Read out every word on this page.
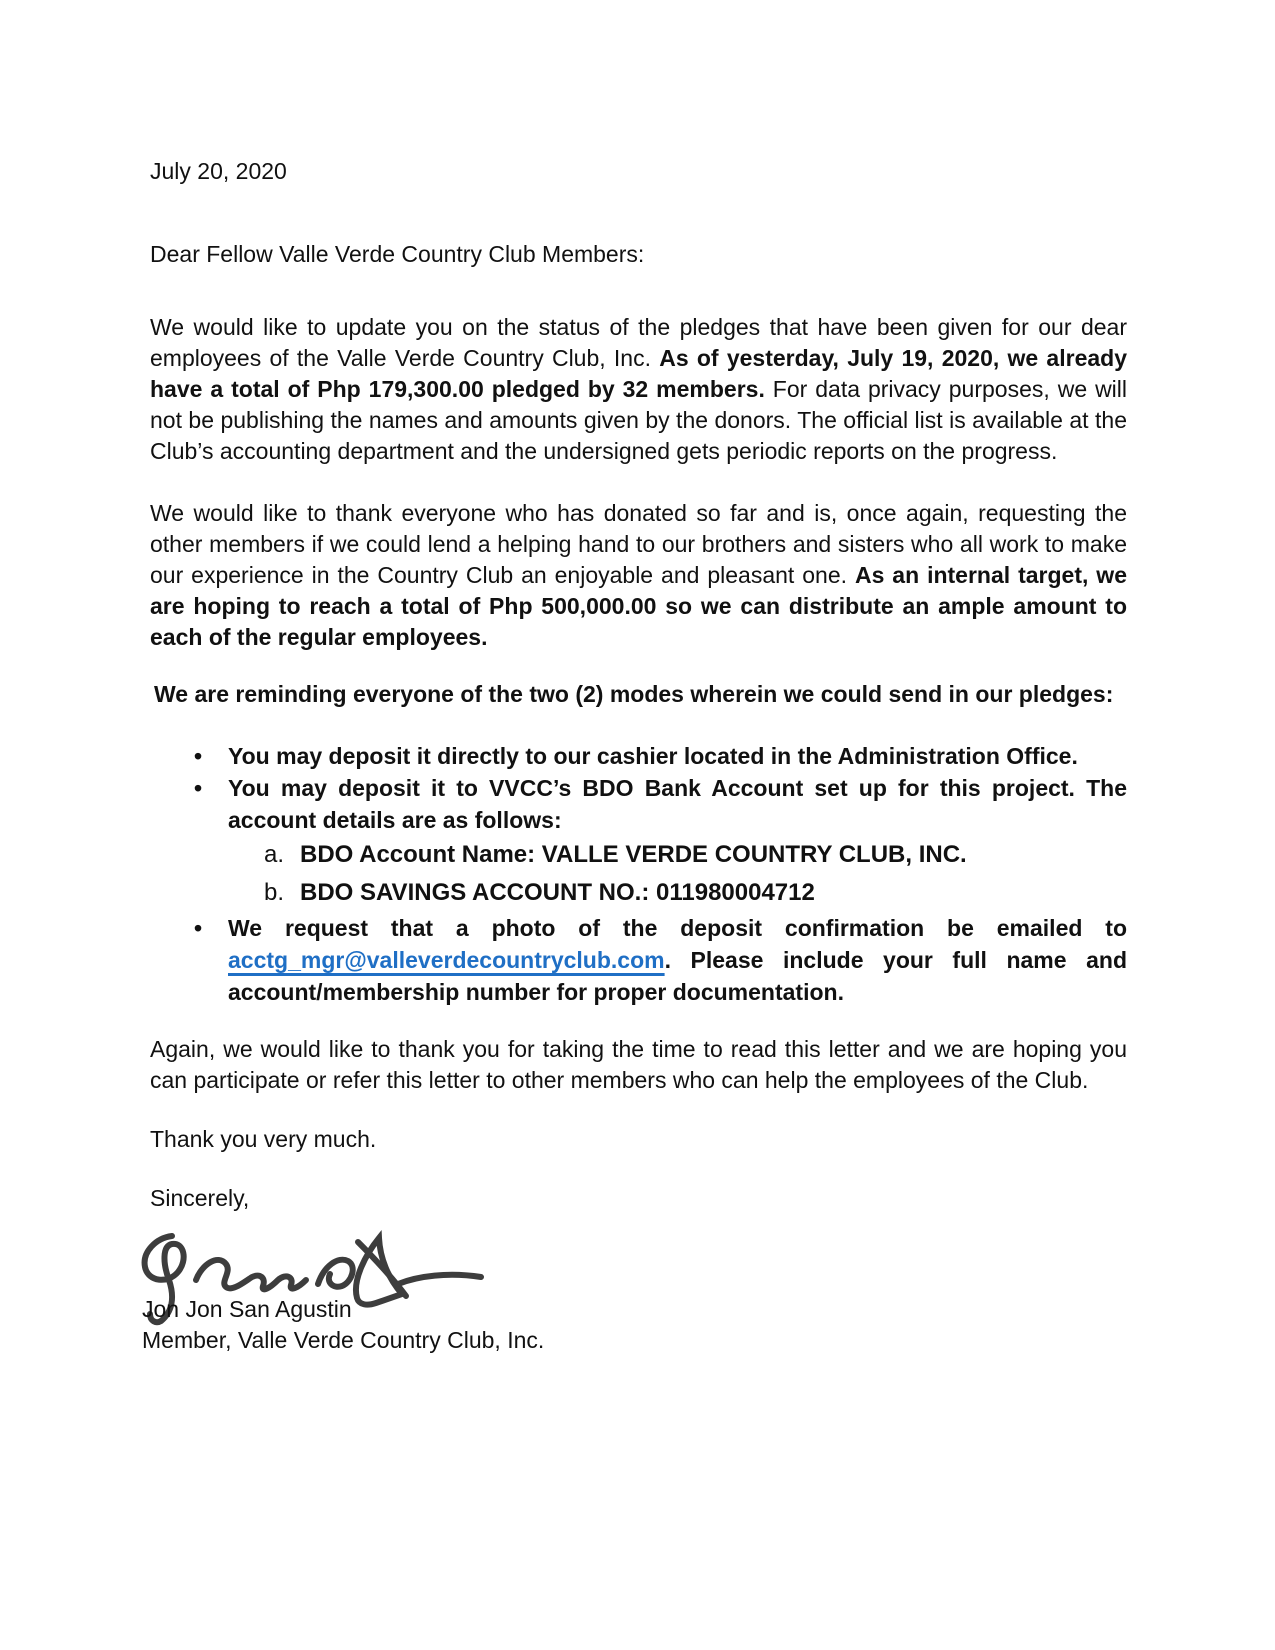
July 20, 2020
Dear Fellow Valle Verde Country Club Members:

We would like to update you on the status of the pledges that have been given for our dear employees of the Valle Verde Country Club, Inc. As of yesterday, July 19, 2020, we already have a total of Php 179,300.00 pledged by 32 members. For data privacy purposes, we will not be publishing the names and amounts given by the donors. The official list is available at the Club’s accounting department and the undersigned gets periodic reports on the progress.

We would like to thank everyone who has donated so far and is, once again, requesting the other members if we could lend a helping hand to our brothers and sisters who all work to make our experience in the Country Club an enjoyable and pleasant one. As an internal target, we are hoping to reach a total of Php 500,000.00 so we can distribute an ample amount to each of the regular employees.

We are reminding everyone of the two (2) modes wherein we could send in our pledges:

• You may deposit it directly to our cashier located in the Administration Office.
• You may deposit it to VVCC’s BDO Bank Account set up for this project. The account details are as follows:
a. BDO Account Name: VALLE VERDE COUNTRY CLUB, INC.
b. BDO SAVINGS ACCOUNT NO.: 011980004712
• We request that a photo of the deposit confirmation be emailed to acctg_mgr@valleverdecountryclub.com. Please include your full name and account/membership number for proper documentation.

Again, we would like to thank you for taking the time to read this letter and we are hoping you can participate or refer this letter to other members who can help the employees of the Club.

Thank you very much.
Sincerely,
Jon Jon San Agustin
Member, Valle Verde Country Club, Inc.
